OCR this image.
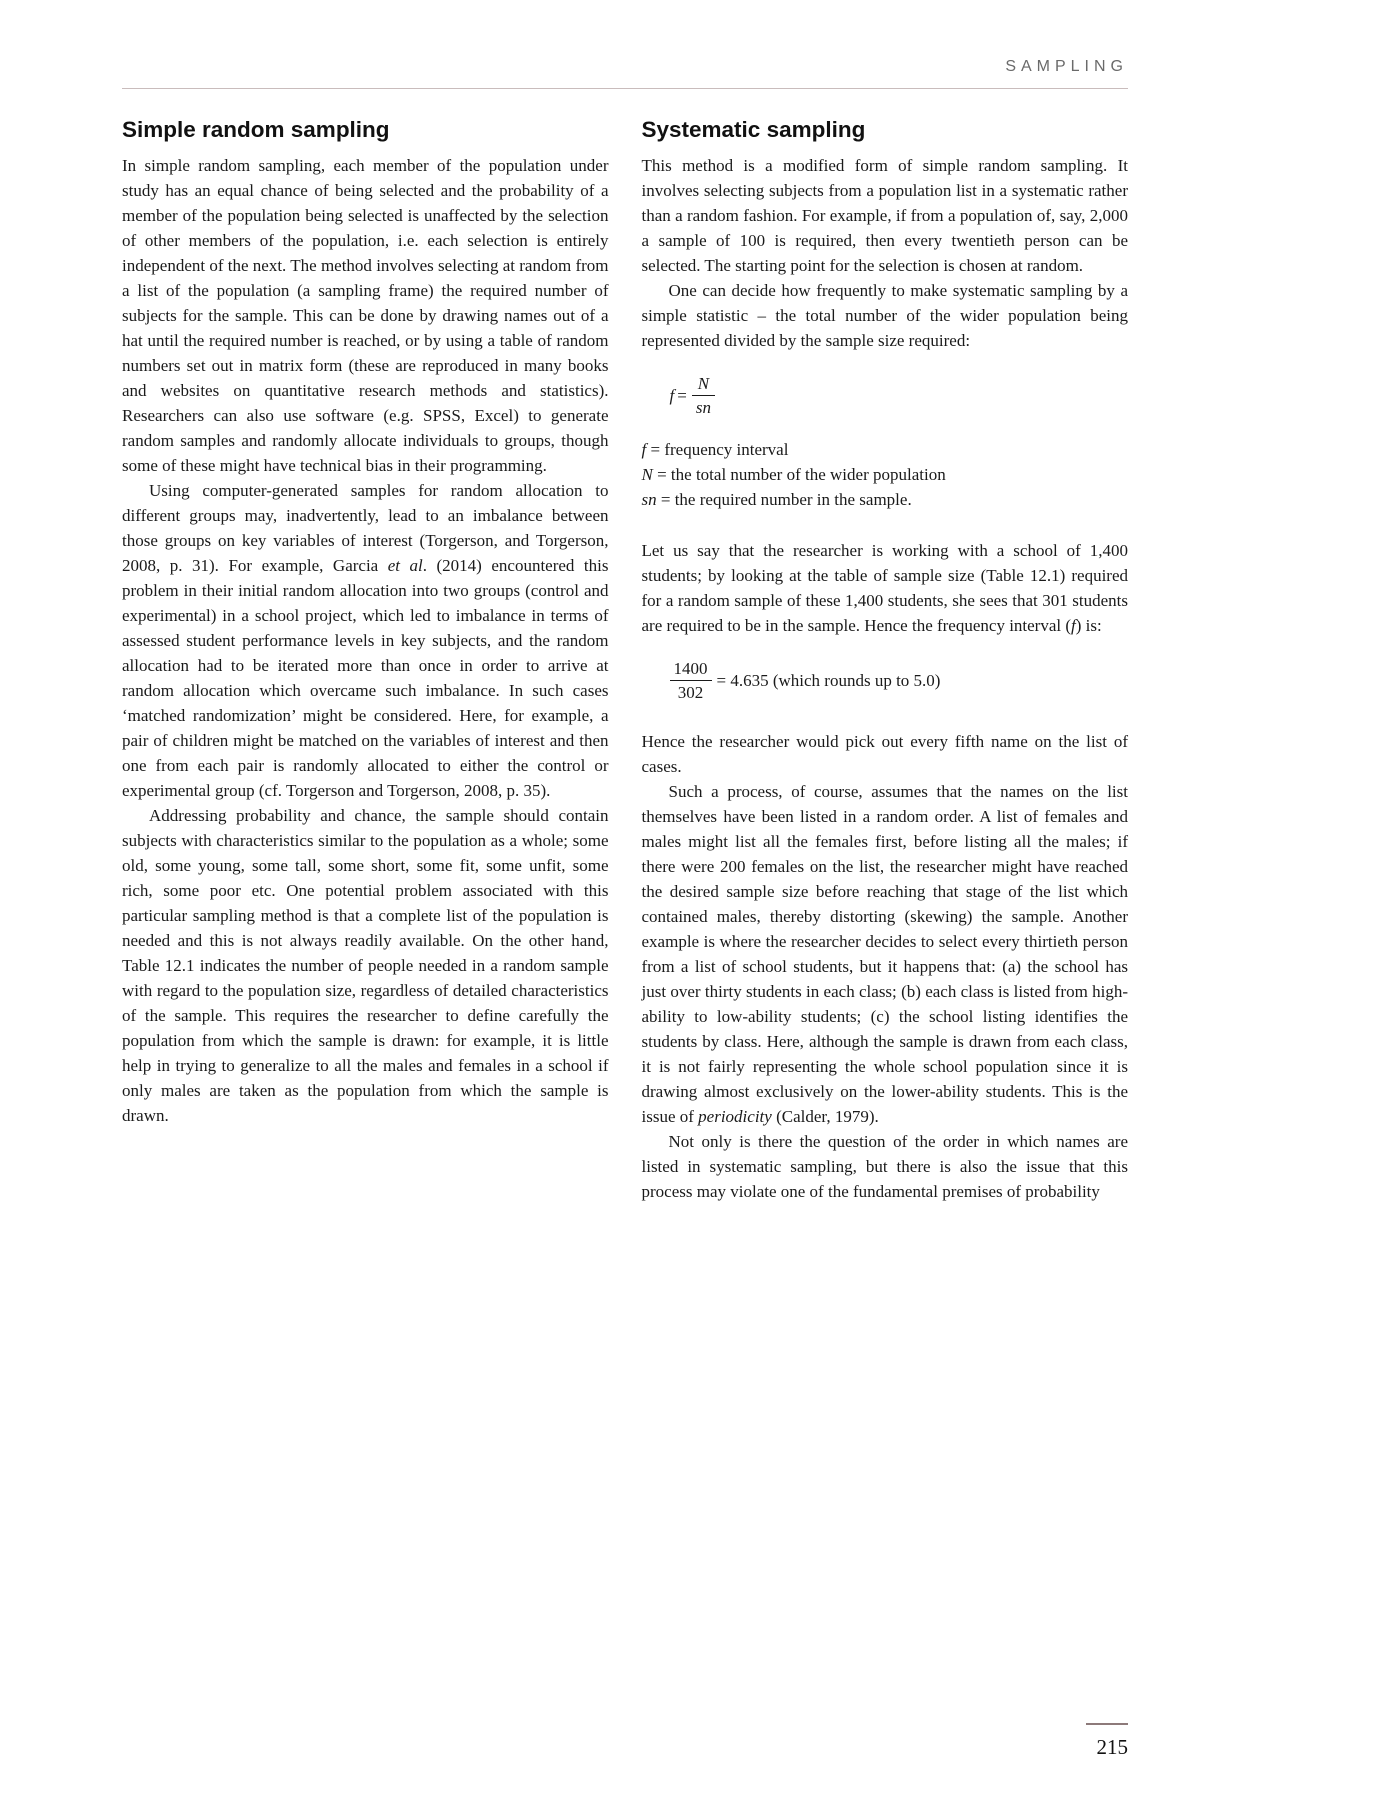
SAMPLING
Simple random sampling

In simple random sampling, each member of the population under study has an equal chance of being selected and the probability of a member of the population being selected is unaffected by the selection of other members of the population, i.e. each selection is entirely independent of the next. The method involves selecting at random from a list of the population (a sampling frame) the required number of subjects for the sample. This can be done by drawing names out of a hat until the required number is reached, or by using a table of random numbers set out in matrix form (these are reproduced in many books and websites on quantitative research methods and statistics). Researchers can also use software (e.g. SPSS, Excel) to generate random samples and randomly allocate individuals to groups, though some of these might have technical bias in their programming.

Using computer-generated samples for random allocation to different groups may, inadvertently, lead to an imbalance between those groups on key variables of interest (Torgerson, and Torgerson, 2008, p. 31). For example, Garcia et al. (2014) encountered this problem in their initial random allocation into two groups (control and experimental) in a school project, which led to imbalance in terms of assessed student performance levels in key subjects, and the random allocation had to be iterated more than once in order to arrive at random allocation which overcame such imbalance. In such cases ‘matched randomization’ might be considered. Here, for example, a pair of children might be matched on the variables of interest and then one from each pair is randomly allocated to either the control or experimental group (cf. Torgerson and Torgerson, 2008, p. 35).

Addressing probability and chance, the sample should contain subjects with characteristics similar to the population as a whole; some old, some young, some tall, some short, some fit, some unfit, some rich, some poor etc. One potential problem associated with this particular sampling method is that a complete list of the population is needed and this is not always readily available. On the other hand, Table 12.1 indicates the number of people needed in a random sample with regard to the population size, regardless of detailed characteristics of the sample. This requires the researcher to define carefully the population from which the sample is drawn: for example, it is little help in trying to generalize to all the males and females in a school if only males are taken as the population from which the sample is drawn.

Systematic sampling

This method is a modified form of simple random sampling. It involves selecting subjects from a population list in a systematic rather than a random fashion. For example, if from a population of, say, 2,000 a sample of 100 is required, then every twentieth person can be selected. The starting point for the selection is chosen at random.

One can decide how frequently to make systematic sampling by a simple statistic – the total number of the wider population being represented divided by the sample size required:

$f = \frac{N}{sn}$
f = frequency interval
N = the total number of the wider population
sn = the required number in the sample.

Let us say that the researcher is working with a school of 1,400 students; by looking at the table of sample size (Table 12.1) required for a random sample of these 1,400 students, she sees that 301 students are required to be in the sample. Hence the frequency interval (f) is:

$\frac{1400}{302} = 4.635$ (which rounds up to 5.0)

Hence the researcher would pick out every fifth name on the list of cases.

Such a process, of course, assumes that the names on the list themselves have been listed in a random order. A list of females and males might list all the females first, before listing all the males; if there were 200 females on the list, the researcher might have reached the desired sample size before reaching that stage of the list which contained males, thereby distorting (skewing) the sample. Another example is where the researcher decides to select every thirtieth person from a list of school students, but it happens that: (a) the school has just over thirty students in each class; (b) each class is listed from high-ability to low-ability students; (c) the school listing identifies the students by class. Here, although the sample is drawn from each class, it is not fairly representing the whole school population since it is drawing almost exclusively on the lower-ability students. This is the issue of periodicity (Calder, 1979).

Not only is there the question of the order in which names are listed in systematic sampling, but there is also the issue that this process may violate one of the fundamental premises of probability

215
